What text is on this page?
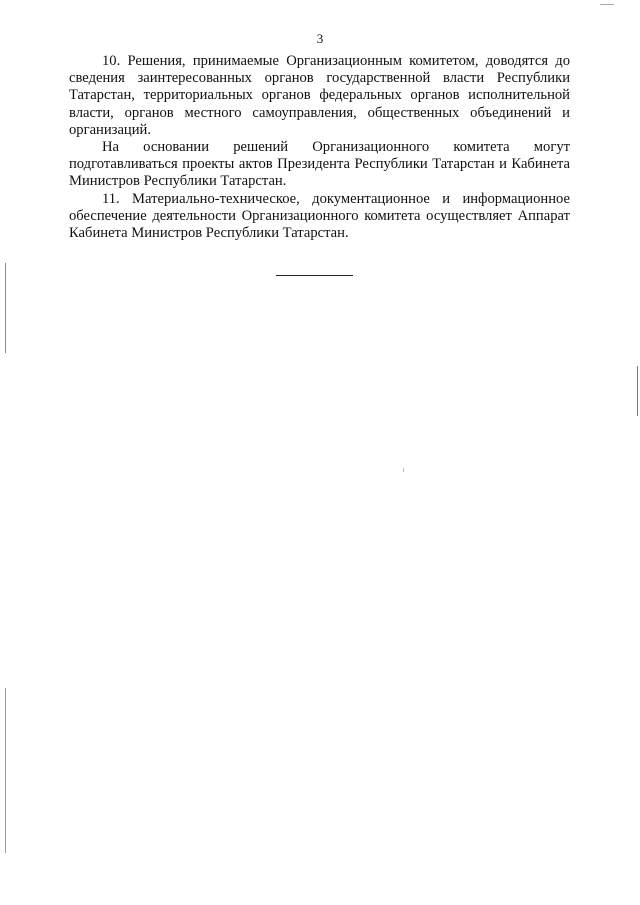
3

10. Решения, принимаемые Организационным комитетом, доводятся до сведения заинтересованных органов государственной власти Республики Татарстан, территориальных органов федеральных органов исполнительной власти, органов местного самоуправления, общественных объединений и организаций.

На основании решений Организационного комитета могут подготавливаться проекты актов Президента Республики Татарстан и Кабинета Министров Республики Татарстан.

11. Материально-техническое, документационное и информационное обеспечение деятельности Организационного комитета осуществляет Аппарат Кабинета Министров Республики Татарстан.
